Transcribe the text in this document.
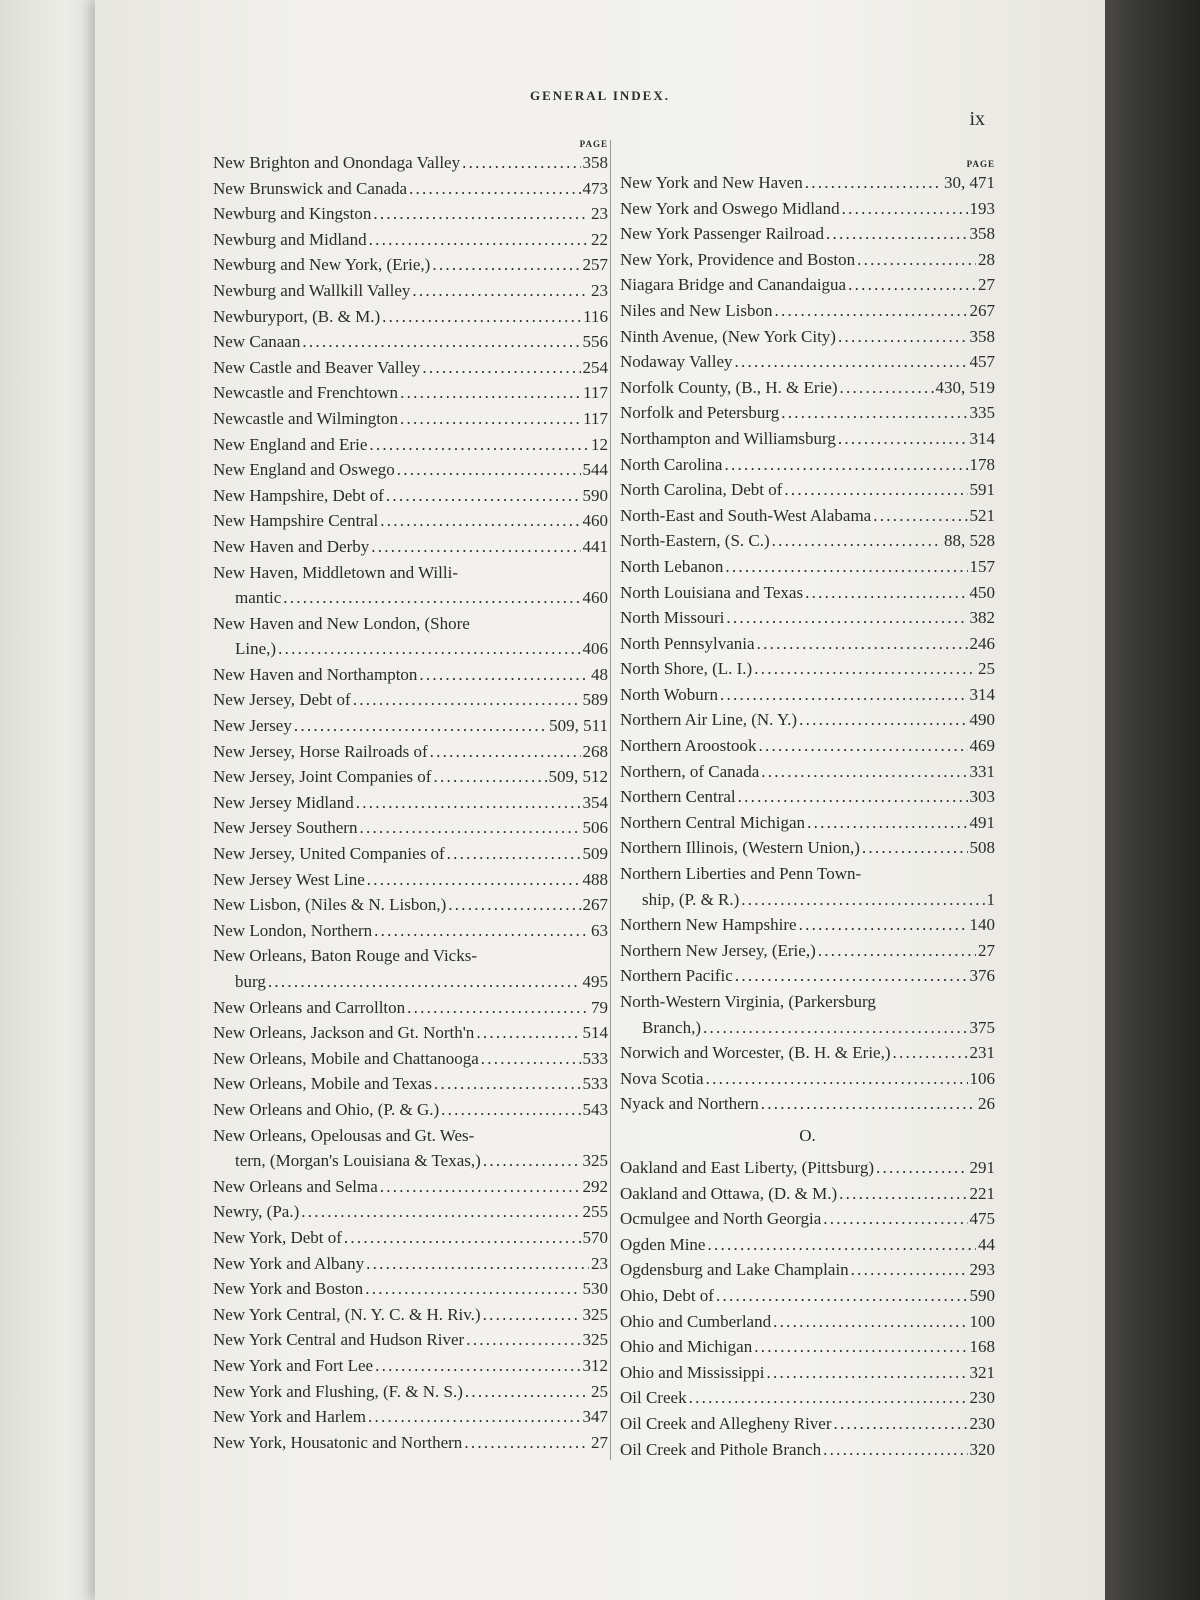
GENERAL INDEX.
ix
PAGE
New Brighton and Onondaga Valley . . .	358
New Brunswick and Canada . . .	473
Newburg and Kingston . . .	23
Newburg and Midland . . .	22
Newburg and New York, (Erie,) . . .	257
Newburg and Wallkill Valley . . .	23
Newburyport, (B. & M.) . . .	116
New Canaan . . .	556
New Castle and Beaver Valley . . .	254
Newcastle and Frenchtown . . .	117
Newcastle and Wilmington . . .	117
New England and Erie . . .	12
New England and Oswego . . .	544
New Hampshire, Debt of . . .	590
New Hampshire Central . . .	460
New Haven and Derby . . .	441
New Haven, Middletown and Willi-
mantic . . .	460
New Haven and New London, (Shore
Line,) . . .	406
New Haven and Northampton . . .	48
New Jersey, Debt of . . .	589
New Jersey . . .	509, 511
New Jersey, Horse Railroads of . . .	268
New Jersey, Joint Companies of . . .	509, 512
New Jersey Midland . . .	354
New Jersey Southern . . .	506
New Jersey, United Companies of . . .	509
New Jersey West Line . . .	488
New Lisbon, (Niles & N. Lisbon,) . . .	267
New London, Northern . . .	63
New Orleans, Baton Rouge and Vicks-
burg . . .	495
New Orleans and Carrollton . . .	79
New Orleans, Jackson and Gt. North'n . . .	514
New Orleans, Mobile and Chattanooga . . .	533
New Orleans, Mobile and Texas . . .	533
New Orleans and Ohio, (P. & G.) . . .	543
New Orleans, Opelousas and Gt. Wes-
tern, (Morgan's Louisiana & Texas,) . . .	325
New Orleans and Selma . . .	292
Newry, (Pa.) . . .	255
New York, Debt of . . .	570
New York and Albany . . .	23
New York and Boston . . .	530
New York Central, (N. Y. C. & H. Riv.) . . .	325
New York Central and Hudson River . . .	325
New York and Fort Lee . . .	312
New York and Flushing, (F. & N. S.) . . .	25
New York and Harlem . . .	347
New York, Housatonic and Northern . . .	27
PAGE
New York and New Haven . . .	30, 471
New York and Oswego Midland . . .	193
New York Passenger Railroad . . .	358
New York, Providence and Boston . . .	28
Niagara Bridge and Canandaigua . . .	27
Niles and New Lisbon . . .	267
Ninth Avenue, (New York City) . . .	358
Nodaway Valley . . .	457
Norfolk County, (B., H. & Erie) . . .	430, 519
Norfolk and Petersburg . . .	335
Northampton and Williamsburg . . .	314
North Carolina . . .	178
North Carolina, Debt of . . .	591
North-East and South-West Alabama . . .	521
North-Eastern, (S. C.) . . .	88, 528
North Lebanon . . .	157
North Louisiana and Texas . . .	450
North Missouri . . .	382
North Pennsylvania . . .	246
North Shore, (L. I.) . . .	25
North Woburn . . .	314
Northern Air Line, (N. Y.) . . .	490
Northern Aroostook . . .	469
Northern, of Canada . . .	331
Northern Central . . .	303
Northern Central Michigan . . .	491
Northern Illinois, (Western Union,) . . .	508
Northern Liberties and Penn Town-
ship, (P. & R.) . . .	1
Northern New Hampshire . . .	140
Northern New Jersey, (Erie,) . . .	27
Northern Pacific . . .	376
North-Western Virginia, (Parkersburg
Branch,) . . .	375
Norwich and Worcester, (B. H. & Erie,) . . .	231
Nova Scotia . . .	106
Nyack and Northern . . .	26
O.
Oakland and East Liberty, (Pittsburg) . . .	291
Oakland and Ottawa, (D. & M.) . . .	221
Ocmulgee and North Georgia . . .	475
Ogden Mine . . .	44
Ogdensburg and Lake Champlain . . .	293
Ohio, Debt of . . .	590
Ohio and Cumberland . . .	100
Ohio and Michigan . . .	168
Ohio and Mississippi . . .	321
Oil Creek . . .	230
Oil Creek and Allegheny River . . .	230
Oil Creek and Pithole Branch . . .	320
